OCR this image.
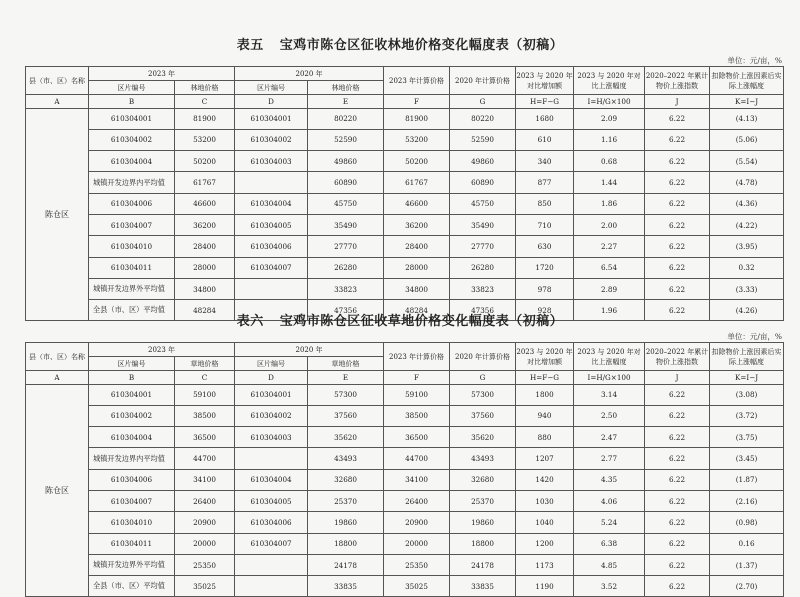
表五 宝鸡市陈仓区征收林地价格变化幅度表（初稿）
单位：元/亩，%
县（市、区）名称	2023 年		2020 年		2023 年计算价格	2020 年计算价格	2023 与 2020 年对比增加额	2023 与 2020 年对比上涨幅度	2020–2022 年累计物价上涨指数	扣除物价上涨因素后实际上涨幅度
	区片编号	林地价格	区片编号	林地价格						
A	B	C	D	E	F	G	H=F−G	I=H/G×100	J	K=I−J
陈仓区	610304001	81900	610304001	80220	81900	80220	1680	2.09	6.22	(4.13)
	610304002	53200	610304002	52590	53200	52590	610	1.16	6.22	(5.06)
	610304004	50200	610304003	49860	50200	49860	340	0.68	6.22	(5.54)
	城镇开发边界内平均值	61767		60890	61767	60890	877	1.44	6.22	(4.78)
	610304006	46600	610304004	45750	46600	45750	850	1.86	6.22	(4.36)
	610304007	36200	610304005	35490	36200	35490	710	2.00	6.22	(4.22)
	610304010	28400	610304006	27770	28400	27770	630	2.27	6.22	(3.95)
	610304011	28000	610304007	26280	28000	26280	1720	6.54	6.22	0.32
	城镇开发边界外平均值	34800		33823	34800	33823	978	2.89	6.22	(3.33)
	全县（市、区）平均值	48284		47356	48284	47356	928	1.96	6.22	(4.26)
表六 宝鸡市陈仓区征收草地价格变化幅度表（初稿）
单位：元/亩，%
县（市、区）名称	2023 年		2020 年		2023 年计算价格	2020 年计算价格	2023 与 2020 年对比增加额	2023 与 2020 年对比上涨幅度	2020–2022 年累计物价上涨指数	扣除物价上涨因素后实际上涨幅度
	区片编号	草地价格	区片编号	草地价格						
A	B	C	D	E	F	G	H=F−G	I=H/G×100	J	K=I−J
陈仓区	610304001	59100	610304001	57300	59100	57300	1800	3.14	6.22	(3.08)
	610304002	38500	610304002	37560	38500	37560	940	2.50	6.22	(3.72)
	610304004	36500	610304003	35620	36500	35620	880	2.47	6.22	(3.75)
	城镇开发边界内平均值	44700		43493	44700	43493	1207	2.77	6.22	(3.45)
	610304006	34100	610304004	32680	34100	32680	1420	4.35	6.22	(1.87)
	610304007	26400	610304005	25370	26400	25370	1030	4.06	6.22	(2.16)
	610304010	20900	610304006	19860	20900	19860	1040	5.24	6.22	(0.98)
	610304011	20000	610304007	18800	20000	18800	1200	6.38	6.22	0.16
	城镇开发边界外平均值	25350		24178	25350	24178	1173	4.85	6.22	(1.37)
	全县（市、区）平均值	35025		33835	35025	33835	1190	3.52	6.22	(2.70)
